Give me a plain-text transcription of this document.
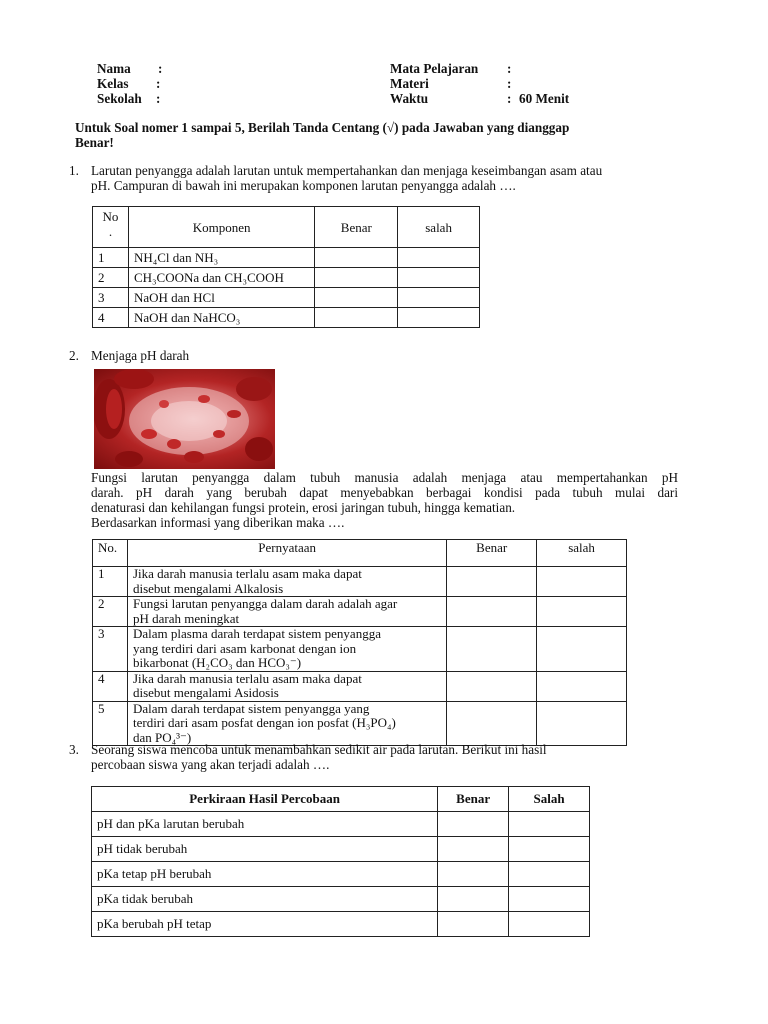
Nama :
Kelas :
Sekolah :
Mata Pelajaran :
Materi	:
Waktu	: 60 Menit
Untuk Soal nomer 1 sampai 5, Berilah Tanda Centang (√) pada Jawaban yang dianggap
Benar!
1. Larutan penyangga adalah larutan untuk mempertahankan dan menjaga keseimbangan asam atau
pH. Campuran di bawah ini merupakan komponen larutan penyangga adalah ….
No
.	Komponen	Benar	salah
1	NH₄Cl dan NH₃		
2	CH₃COONa dan CH₃COOH		
3	NaOH dan HCl		
4	NaOH dan NaHCO₃		
2. Menjaga pH darah
Fungsi larutan penyangga dalam tubuh manusia adalah menjaga atau mempertahankan pH
darah. pH darah yang berubah dapat menyebabkan berbagai kondisi pada tubuh mulai dari
denaturasi dan kehilangan fungsi protein, erosi jaringan tubuh, hingga kematian.
Berdasarkan informasi yang diberikan maka ….
No.	Pernyataan	Benar	salah
1	Jika darah manusia terlalu asam maka dapat
disebut mengalami Alkalosis		

2	Fungsi larutan penyangga dalam darah adalah agar
pH darah meningkat		

3	Dalam plasma darah terdapat sistem penyangga
yang terdiri dari asam karbonat dengan ion
bikarbonat (H₂CO₃ dan HCO₃⁻)		

4	Jika darah manusia terlalu asam maka dapat
disebut mengalami Asidosis		

5	Dalam darah terdapat sistem penyangga yang
terdiri dari asam posfat dengan ion posfat (H₃PO₄)
dan PO₄³⁻)		

3. Seorang siswa mencoba untuk menambahkan sedikit air pada larutan. Berikut ini hasil
percobaan siswa yang akan terjadi adalah ….
Perkiraan Hasil Percobaan	Benar	Salah
pH dan pKa larutan berubah		
pH tidak berubah		
pKa tetap pH berubah		
pKa tidak berubah		
pKa berubah pH tetap		
